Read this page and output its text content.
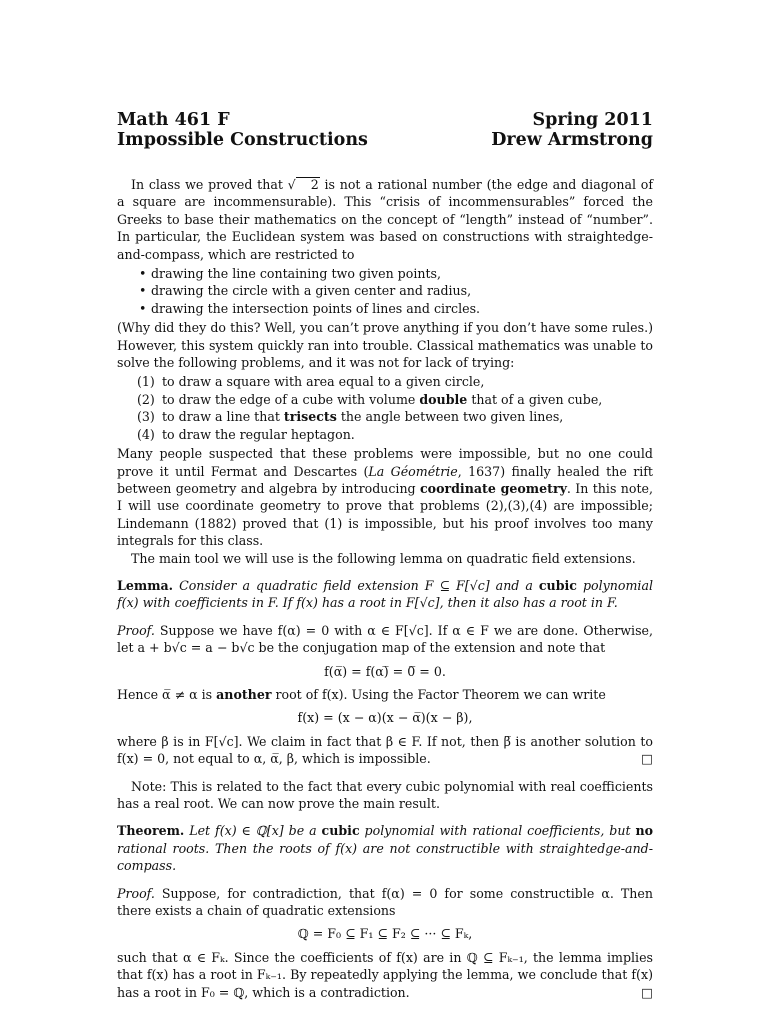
Math 461 F
Impossible Constructions
Spring 2011
Drew Armstrong

In class we proved that √ 2 is not a rational number (the edge and diagonal of a square are incommensurable). This “crisis of incommensurables” forced the Greeks to base their mathematics on the concept of “length” instead of “number”. In particular, the Euclidean system was based on constructions with straightedge-and-compass, which are restricted to

• drawing the line containing two given points,
• drawing the circle with a given center and radius,
• drawing the intersection points of lines and circles.

(Why did they do this? Well, you can’t prove anything if you don’t have some rules.) However, this system quickly ran into trouble. Classical mathematics was unable to solve the following problems, and it was not for lack of trying:

(1) to draw a square with area equal to a given circle,
(2) to draw the edge of a cube with volume double that of a given cube,
(3) to draw a line that trisects the angle between two given lines,
(4) to draw the regular heptagon.

Many people suspected that these problems were impossible, but no one could prove it until Fermat and Descartes (La Géométrie, 1637) finally healed the rift between geometry and algebra by introducing coordinate geometry. In this note, I will use coordinate geometry to prove that problems (2),(3),(4) are impossible; Lindemann (1882) proved that (1) is impossible, but his proof involves too many integrals for this class.

The main tool we will use is the following lemma on quadratic field extensions.

Lemma. Consider a quadratic field extension F ⊆ F[√c] and a cubic polynomial f(x) with coefficients in F. If f(x) has a root in F[√c], then it also has a root in F.

Proof. Suppose we have f(α) = 0 with α ∈ F[√c]. If α ∈ F we are done. Otherwise, let a + b√c = a − b√c be the conjugation map of the extension and note that

f(α̅) = f(α)̅ = 0̅ = 0.

Hence α̅ ≠ α is another root of f(x). Using the Factor Theorem we can write

f(x) = (x − α)(x − α̅)(x − β),

where β is in F[√c]. We claim in fact that β ∈ F. If not, then β̅ is another solution to f(x) = 0, not equal to α, α̅, β, which is impossible.	□

Note: This is related to the fact that every cubic polynomial with real coefficients has a real root. We can now prove the main result.

Theorem. Let f(x) ∈ ℚ[x] be a cubic polynomial with rational coefficients, but no rational roots. Then the roots of f(x) are not constructible with straightedge-and-compass.

Proof. Suppose, for contradiction, that f(α) = 0 for some constructible α. Then there exists a chain of quadratic extensions

ℚ = F₀ ⊆ F₁ ⊆ F₂ ⊆ ··· ⊆ Fₖ,

such that α ∈ Fₖ. Since the coefficients of f(x) are in ℚ ⊆ Fₖ₋₁, the lemma implies that f(x) has a root in Fₖ₋₁. By repeatedly applying the lemma, we conclude that f(x) has a root in F₀ = ℚ, which is a contradiction.	□
